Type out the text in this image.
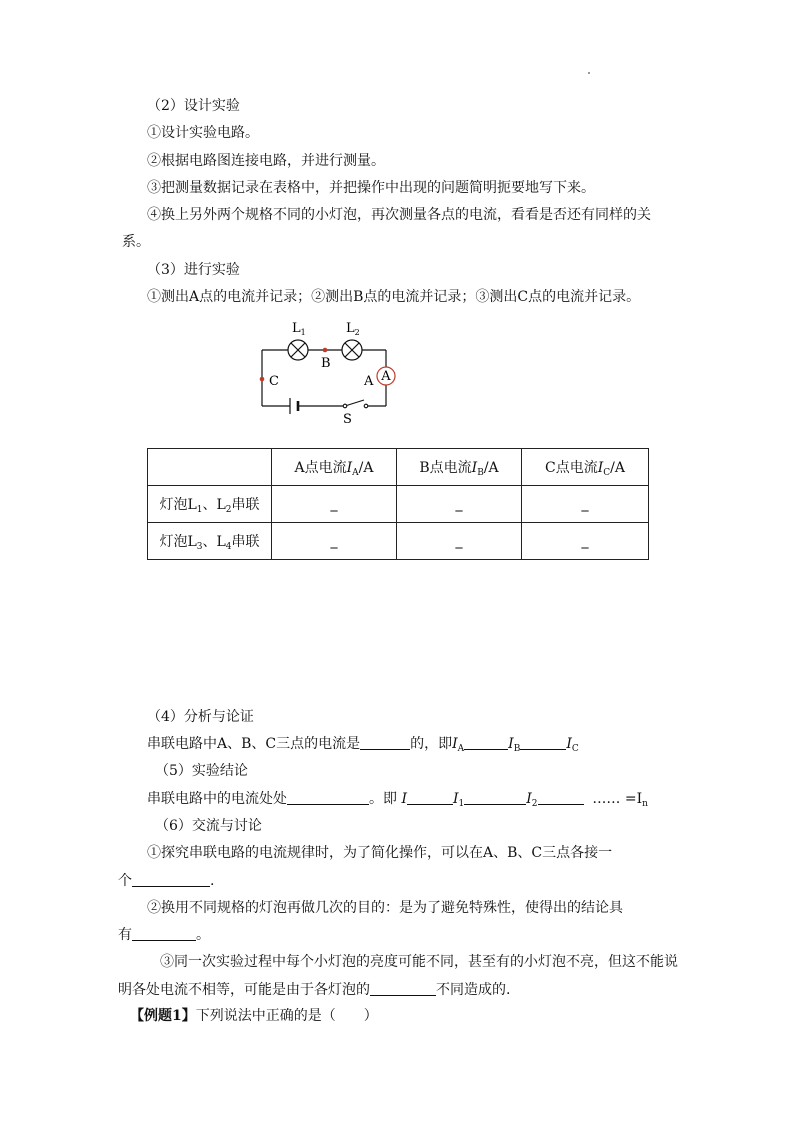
（2）设计实验
①设计实验电路。
②根据电路图连接电路，并进行测量。
③把测量数据记录在表格中，并把操作中出现的问题简明扼要地写下来。
④换上另外两个规格不同的小灯泡，再次测量各点的电流，看看是否还有同样的关
系。
（3）进行实验
①测出A点的电流并记录；②测出B点的电流并记录；③测出C点的电流并记录。
A
$L_1$	$L_2$
B
C	A
S
	A点电流$I_A/A$	B点电流$I_B/A$	C点电流$I_C/A$
灯泡$L_1$、$L_2$串联	_	_	_
灯泡$L_3$、$L_4$串联	_	_	_
（4）分析与论证
串联电路中A、B、C三点的电流是	的，即$I_A$	$I_B$	$I_C$
（5）实验结论
串联电路中的电流处处	。即 I	$I_1$	$I_2$	…… $=I_n$
（6）交流与讨论
①探究串联电路的电流规律时，为了简化操作，可以在A、B、C三点各接一
个	.
②换用不同规格的灯泡再做几次的目的：是为了避免特殊性，使得出的结论具
有	。
③同一次实验过程中每个小灯泡的亮度可能不同，甚至有的小灯泡不亮，但这不能说
明各处电流不相等，可能是由于各灯泡的	不同造成的.
【例题1】下列说法中正确的是（　　）
